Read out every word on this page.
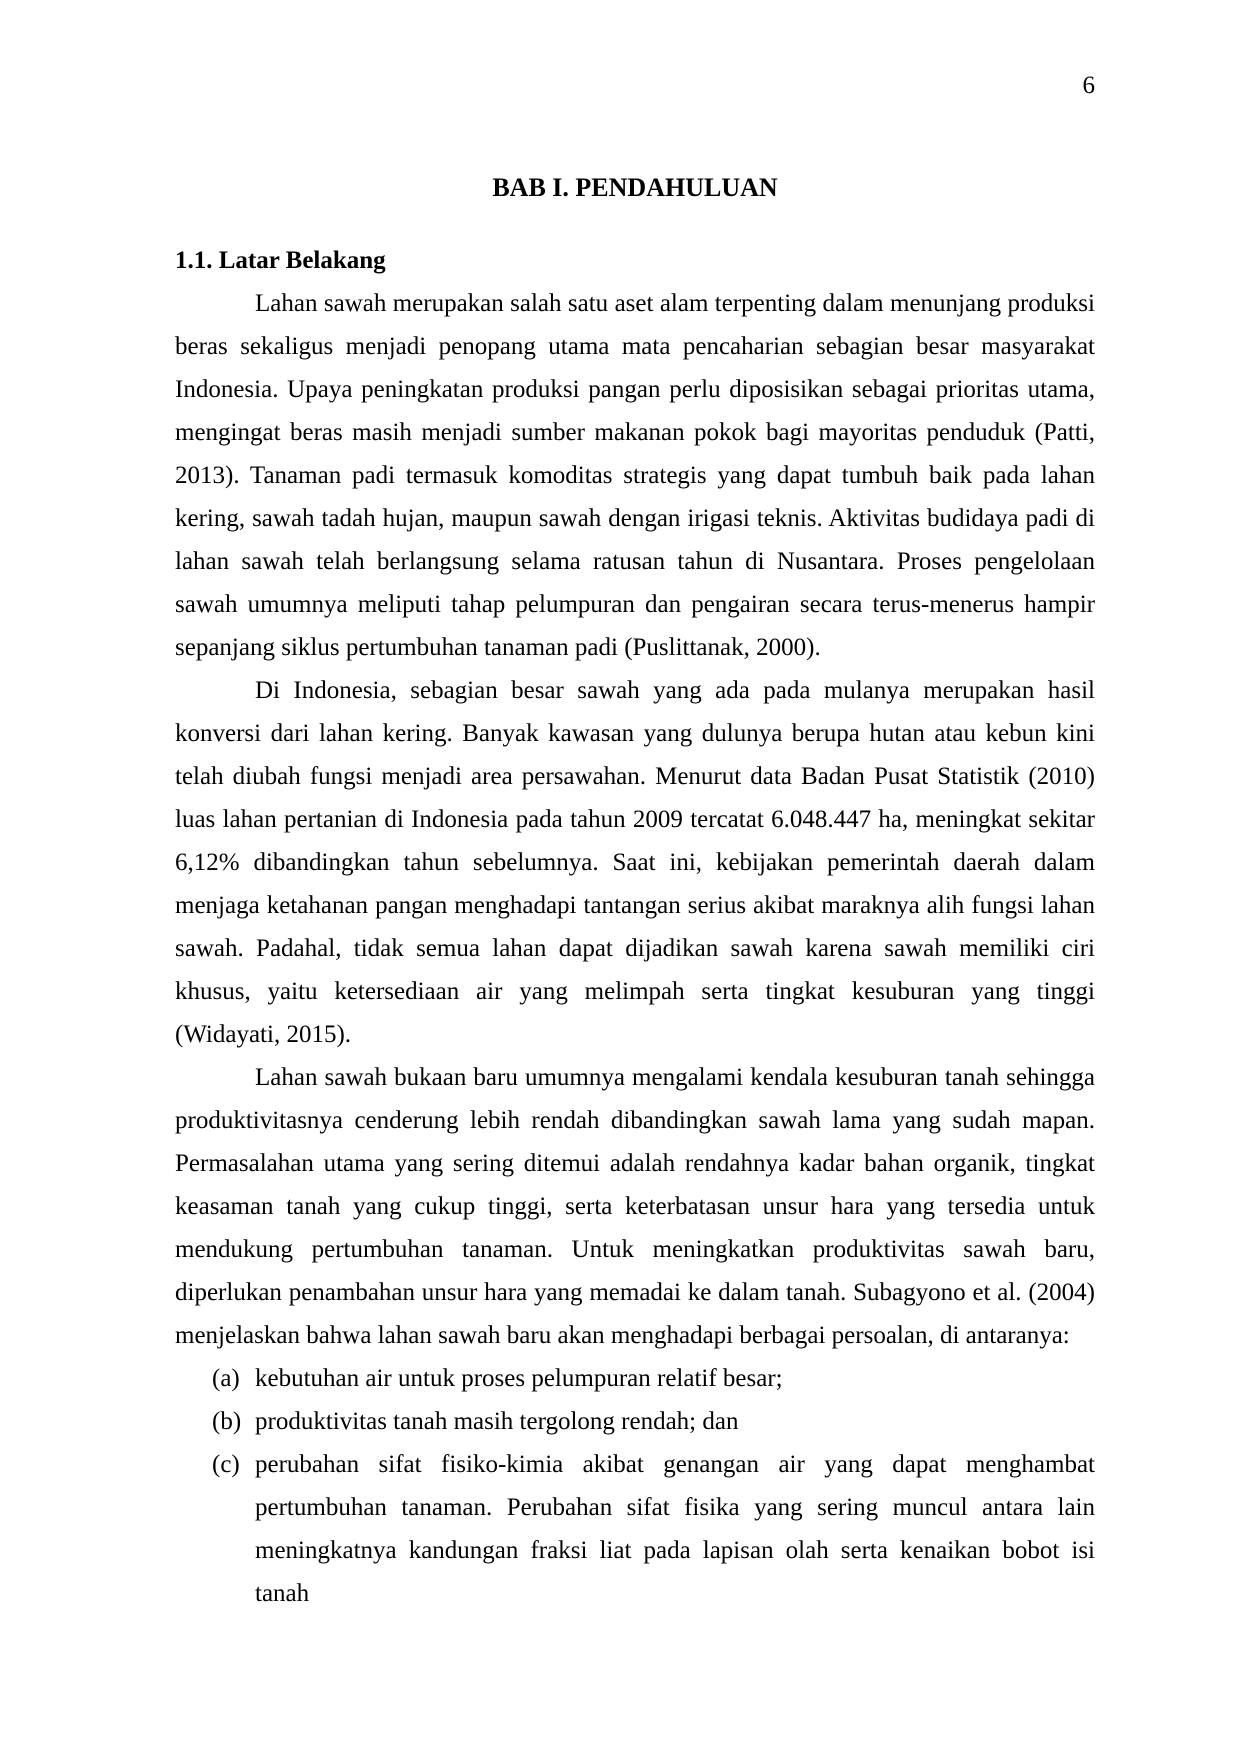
6
BAB I. PENDAHULUAN
1.1. Latar Belakang

Lahan sawah merupakan salah satu aset alam terpenting dalam menunjang produksi beras sekaligus menjadi penopang utama mata pencaharian sebagian besar masyarakat Indonesia. Upaya peningkatan produksi pangan perlu diposisikan sebagai prioritas utama, mengingat beras masih menjadi sumber makanan pokok bagi mayoritas penduduk (Patti, 2013). Tanaman padi termasuk komoditas strategis yang dapat tumbuh baik pada lahan kering, sawah tadah hujan, maupun sawah dengan irigasi teknis. Aktivitas budidaya padi di lahan sawah telah berlangsung selama ratusan tahun di Nusantara. Proses pengelolaan sawah umumnya meliputi tahap pelumpuran dan pengairan secara terus-menerus hampir sepanjang siklus pertumbuhan tanaman padi (Puslittanak, 2000).

Di Indonesia, sebagian besar sawah yang ada pada mulanya merupakan hasil konversi dari lahan kering. Banyak kawasan yang dulunya berupa hutan atau kebun kini telah diubah fungsi menjadi area persawahan. Menurut data Badan Pusat Statistik (2010) luas lahan pertanian di Indonesia pada tahun 2009 tercatat 6.048.447 ha, meningkat sekitar 6,12% dibandingkan tahun sebelumnya. Saat ini, kebijakan pemerintah daerah dalam menjaga ketahanan pangan menghadapi tantangan serius akibat maraknya alih fungsi lahan sawah. Padahal, tidak semua lahan dapat dijadikan sawah karena sawah memiliki ciri khusus, yaitu ketersediaan air yang melimpah serta tingkat kesuburan yang tinggi (Widayati, 2015).

Lahan sawah bukaan baru umumnya mengalami kendala kesuburan tanah sehingga produktivitasnya cenderung lebih rendah dibandingkan sawah lama yang sudah mapan. Permasalahan utama yang sering ditemui adalah rendahnya kadar bahan organik, tingkat keasaman tanah yang cukup tinggi, serta keterbatasan unsur hara yang tersedia untuk mendukung pertumbuhan tanaman. Untuk meningkatkan produktivitas sawah baru, diperlukan penambahan unsur hara yang memadai ke dalam tanah. Subagyono et al. (2004) menjelaskan bahwa lahan sawah baru akan menghadapi berbagai persoalan, di antaranya:

(a) kebutuhan air untuk proses pelumpuran relatif besar;
(b) produktivitas tanah masih tergolong rendah; dan
(c) perubahan sifat fisiko-kimia akibat genangan air yang dapat menghambat pertumbuhan tanaman. Perubahan sifat fisika yang sering muncul antara lain meningkatnya kandungan fraksi liat pada lapisan olah serta kenaikan bobot isi tanah
